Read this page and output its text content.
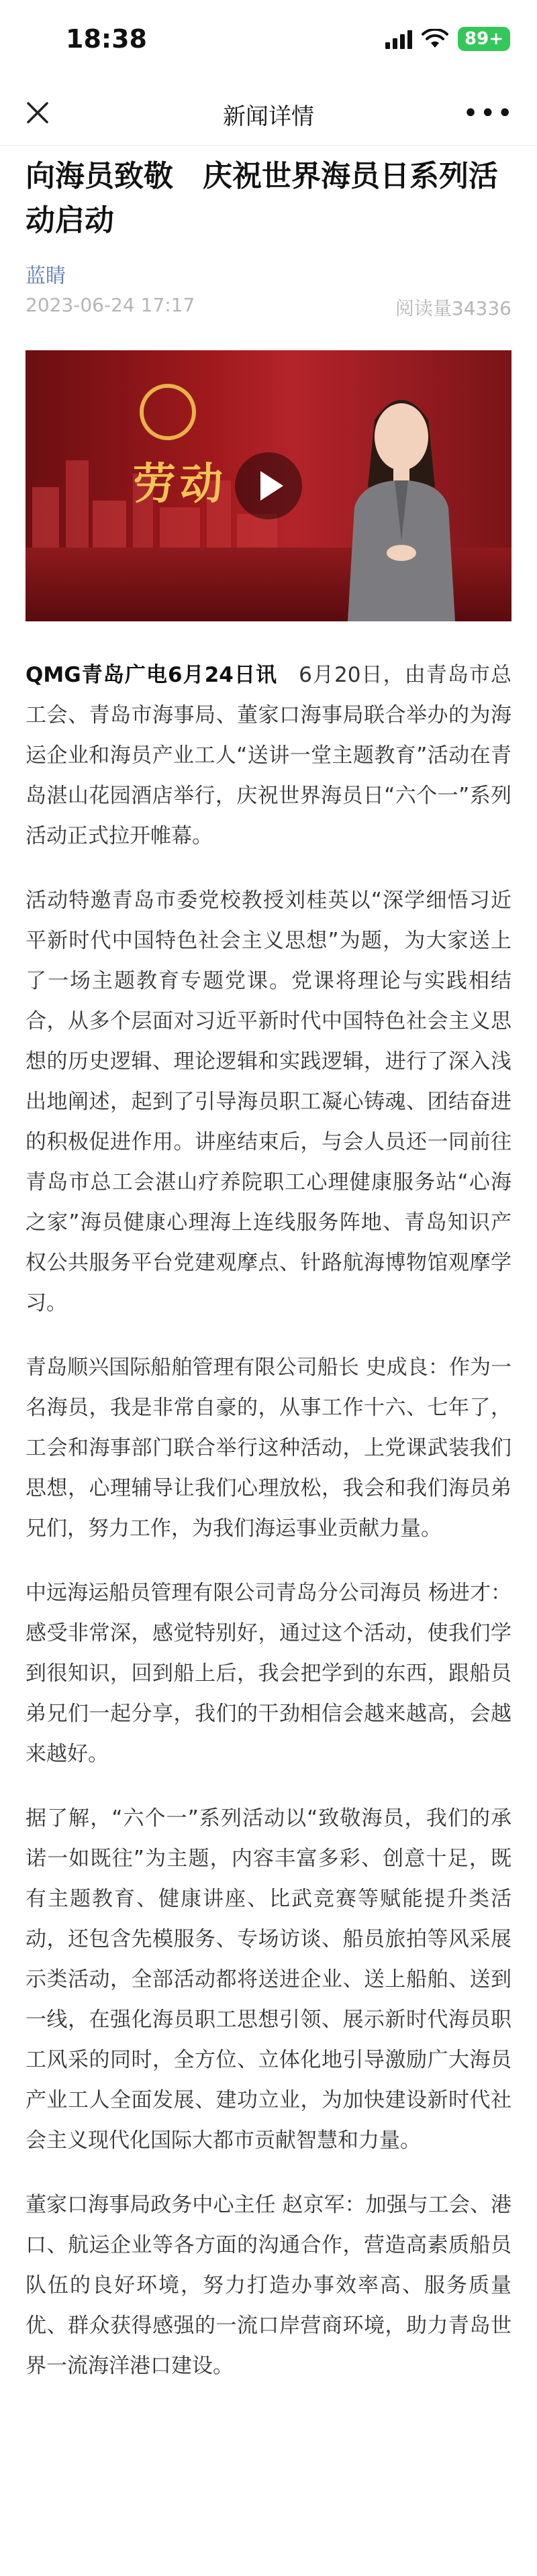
18:38	89+
新闻详情	•••
向海员致敬　庆祝世界海员日系列活动启动
蓝睛
2023-06-24 17:17	阅读量34336
劳动

QMG青岛广电6月24日讯　6月20日，由青岛市总工会、青岛市海事局、董家口海事局联合举办的为海运企业和海员产业工人“送讲一堂主题教育”活动在青岛湛山花园酒店举行，庆祝世界海员日“六个一”系列活动正式拉开帷幕。

活动特邀青岛市委党校教授刘桂英以“深学细悟习近平新时代中国特色社会主义思想”为题，为大家送上了一场主题教育专题党课。党课将理论与实践相结合，从多个层面对习近平新时代中国特色社会主义思想的历史逻辑、理论逻辑和实践逻辑，进行了深入浅出地阐述，起到了引导海员职工凝心铸魂、团结奋进的积极促进作用。讲座结束后，与会人员还一同前往青岛市总工会湛山疗养院职工心理健康服务站“心海之家”海员健康心理海上连线服务阵地、青岛知识产权公共服务平台党建观摩点、针路航海博物馆观摩学习。

青岛顺兴国际船舶管理有限公司船长 史成良：作为一名海员，我是非常自豪的，从事工作十六、七年了，工会和海事部门联合举行这种活动，上党课武装我们思想，心理辅导让我们心理放松，我会和我们海员弟兄们，努力工作，为我们海运事业贡献力量。

中远海运船员管理有限公司青岛分公司海员 杨进才：感受非常深，感觉特别好，通过这个活动，使我们学到很知识，回到船上后，我会把学到的东西，跟船员弟兄们一起分享，我们的干劲相信会越来越高，会越来越好。

据了解，“六个一”系列活动以“致敬海员，我们的承诺一如既往”为主题，内容丰富多彩、创意十足，既有主题教育、健康讲座、比武竞赛等赋能提升类活动，还包含先模服务、专场访谈、船员旅拍等风采展示类活动，全部活动都将送进企业、送上船舶、送到一线，在强化海员职工思想引领、展示新时代海员职工风采的同时，全方位、立体化地引导激励广大海员产业工人全面发展、建功立业，为加快建设新时代社会主义现代化国际大都市贡献智慧和力量。

董家口海事局政务中心主任 赵京军：加强与工会、港口、航运企业等各方面的沟通合作，营造高素质船员队伍的良好环境，努力打造办事效率高、服务质量优、群众获得感强的一流口岸营商环境，助力青岛世界一流海洋港口建设。
